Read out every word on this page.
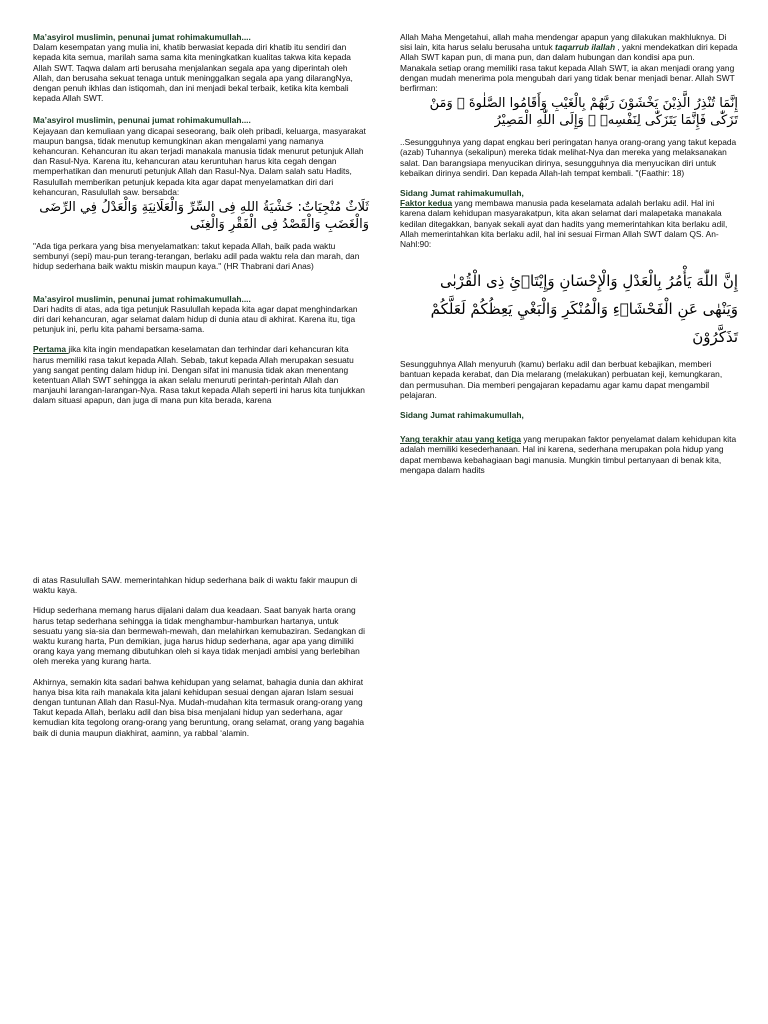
Ma’asyirol muslimin, penunai jumat rohimakumullah....

Dalam kesempatan yang mulia ini, khatib berwasiat kepada diri khatib itu sendiri dan kepada kita semua, marilah sama sama kita meningkatkan kualitas takwa kita kepada Allah SWT. Taqwa dalam arti berusaha menjalankan segala apa yang diperintah oleh Allah, dan berusaha sekuat tenaga untuk meninggalkan segala apa yang dilarangNya, dengan penuh ikhlas dan istiqomah, dan ini menjadi bekal terbaik, ketika kita kembali kepada Allah SWT.

Ma’asyirol muslimin, penunai jumat rohimakumullah....

Kejayaan dan kemuliaan yang dicapai seseorang, baik oleh pribadi, keluarga, masyarakat maupun bangsa, tidak menutup kemungkinan akan mengalami yang namanya kehancuran. Kehancuran itu akan terjadi manakala manusia tidak menurut petunjuk Allah dan Rasul-Nya. Karena itu, kehancuran atau keruntuhan harus kita cegah dengan memperhatikan dan menuruti petunjuk Allah dan Rasul-Nya. Dalam salah satu Hadits, Rasulullah memberikan petunjuk kepada kita agar dapat menyelamatkan diri dari kehancuran, Rasulullah saw. bersabda:

ثَلَاثٌ مُنْجِيَاتٌ: خَشْيَةُ اللهِ فِى السِّرِّ وَالْعَلَانِيَةِ وَالْعَدْلُ فِي الرِّضَى وَالْغَضَبِ وَالْقَصْدُ فِى الْفَقْرِ وَالْغِنَى

"Ada tiga perkara yang bisa menyelamatkan: takut kepada Allah, baik pada waktu sembunyi (sepi) mau-pun terang-terangan, berlaku adil pada waktu rela dan marah, dan hidup sederhana baik waktu miskin maupun kaya." (HR Thabrani dari Anas)

Ma’asyirol muslimin, penunai jumat rohimakumullah....

Dari hadits di atas, ada tiga petunjuk Rasulullah kepada kita agar dapat menghindarkan diri dari kehancuran, agar selamat dalam hidup di dunia atau di akhirat. Karena itu, tiga petunjuk ini, perlu kita pahami bersama-sama.

Pertama jika kita ingin mendapatkan keselamatan dan terhindar dari kehancuran kita harus memiliki rasa takut kepada Allah. Sebab, takut kepada Allah merupakan sesuatu yang sangat penting dalam hidup ini. Dengan sifat ini manusia tidak akan menentang ketentuan Allah SWT sehingga ia akan selalu menuruti perintah-perintah Allah dan manjauhi larangan-larangan-Nya. Rasa takut kepada Allah seperti ini harus kita tunjukkan dalam situasi apapun, dan juga di mana pun kita berada, karena

Allah Maha Mengetahui, allah maha mendengar apapun yang dilakukan makhluknya. Di sisi lain, kita harus selalu berusaha untuk taqarrub ilallah , yakni mendekatkan diri kepada Allah SWT kapan pun, di mana pun, dan dalam hubungan dan kondisi apa pun.

Manakala setiap orang memiliki rasa takut kepada Allah SWT, ia akan menjadi orang yang dengan mudah menerima pola mengubah dari yang tidak benar menjadi benar. Allah SWT berfirman:

إِنَّمَا تُنْذِرُ الَّذِيْنَ يَخْشَوْنَ رَبَّهُمْ بِالْغَيْبِ وَأَقَامُوا الصَّلٰوةَ ۚ وَمَنْ تَزَكّٰى فَإِنَّمَا يَتَزَكّٰى لِنَفْسِهٖ ۚ وَإِلَى اللّٰهِ الْمَصِيْرُ

..Sesungguhnya yang dapat engkau beri peringatan hanya orang-orang yang takut kepada (azab) Tuhannya (sekalipun) mereka tidak melihat-Nya dan mereka yang melaksanakan salat. Dan barangsiapa menyucikan dirinya, sesungguhnya dia menyucikan diri untuk kebaikan dirinya sendiri. Dan kepada Allah-lah tempat kembali. "(Faathir: 18)

Sidang Jumat rahimakumullah,

Faktor kedua yang membawa manusia pada keselamata adalah berlaku adil. Hal ini karena dalam kehidupan masyarakatpun, kita akan selamat dari malapetaka manakala kedilan ditegakkan, banyak sekali ayat dan hadits yang memerintahkan kita berlaku adil, Allah memerintahkan kita berlaku adil, hal ini sesuai Firman Allah SWT dalam QS. An-Nahl:90:

إِنَّ اللّٰهَ يَأْمُرُ بِالْعَدْلِ وَالْإِحْسَانِ وَإِيْتَاۤئِ ذِى الْقُرْبٰى وَيَنْهٰى عَنِ الْفَحْشَاۤءِ وَالْمُنْكَرِ وَالْبَغْيِ يَعِظُكُمْ لَعَلَّكُمْ تَذَكَّرُوْنَ

Sesungguhnya Allah menyuruh (kamu) berlaku adil dan berbuat kebajikan, memberi bantuan kepada kerabat, dan Dia melarang (melakukan) perbuatan keji, kemungkaran, dan permusuhan. Dia memberi pengajaran kepadamu agar kamu dapat mengambil pelajaran.

Sidang Jumat rahimakumullah,

Yang terakhir atau yang ketiga yang merupakan faktor penyelamat dalam kehidupan kita adalah memiliki kesederhanaan. Hal ini karena, sederhana merupakan pola hidup yang dapat membawa kebahagiaan bagi manusia. Mungkin timbul pertanyaan di benak kita, mengapa dalam hadits

di atas Rasulullah SAW. memerintahkan hidup sederhana baik di waktu fakir maupun di waktu kaya.

Hidup sederhana memang harus dijalani dalam dua keadaan. Saat banyak harta orang harus tetap sederhana sehingga ia tidak menghambur-hamburkan hartanya, untuk sesuatu yang sia-sia dan bermewah-mewah, dan melahirkan kemubaziran. Sedangkan di waktu kurang harta, Pun demikian, juga harus hidup sederhana, agar apa yang dimiliki orang kaya yang memang dibutuhkan oleh si kaya tidak menjadi ambisi yang berlebihan oleh mereka yang kurang harta.

Akhirnya, semakin kita sadari bahwa kehidupan yang selamat, bahagia dunia dan akhirat hanya bisa kita raih manakala kita jalani kehidupan sesuai dengan ajaran Islam sesuai dengan tuntunan Allah dan Rasul-Nya. Mudah-mudahan kita termasuk orang-orang yang Takut kepada Allah, berlaku adil dan bisa bisa menjalani hidup yan sederhana, agar kemudian kita tegolong orang-orang yang beruntung, orang selamat, orang yang bagahia baik di dunia maupun diakhirat, aaminn, ya rabbal ‘alamin.
